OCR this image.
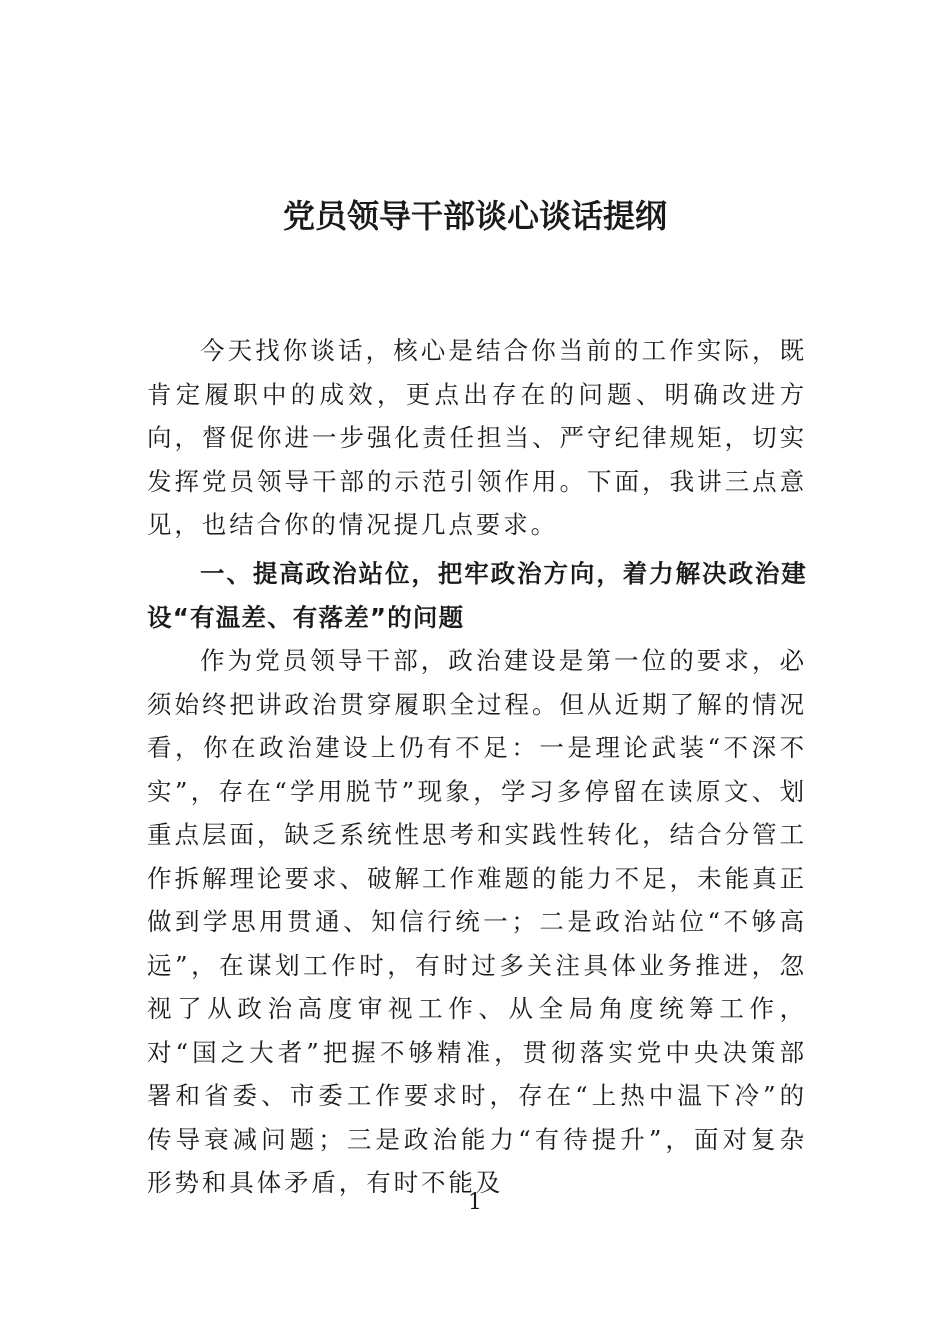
党员领导干部谈心谈话提纲
今天找你谈话，核心是结合你当前的工作实际，既肯定履职中的成效，更点出存在的问题、明确改进方向，督促你进一步强化责任担当、严守纪律规矩，切实发挥党员领导干部的示范引领作用。下面，我讲三点意见，也结合你的情况提几点要求。
一、提高政治站位，把牢政治方向，着力解决政治建设“有温差、有落差”的问题
作为党员领导干部，政治建设是第一位的要求，必须始终把讲政治贯穿履职全过程。但从近期了解的情况看，你在政治建设上仍有不足：一是理论武装“不深不实”，存在“学用脱节”现象，学习多停留在读原文、划重点层面，缺乏系统性思考和实践性转化，结合分管工作拆解理论要求、破解工作难题的能力不足，未能真正做到学思用贯通、知信行统一；二是政治站位“不够高远”，在谋划工作时，有时过多关注具体业务推进，忽视了从政治高度审视工作、从全局角度统筹工作，对“国之大者”把握不够精准，贯彻落实党中央决策部署和省委、市委工作要求时，存在“上热中温下冷”的传导衰减问题；三是政治能力“有待提升”，面对复杂形势和具体矛盾，有时不能及
1
